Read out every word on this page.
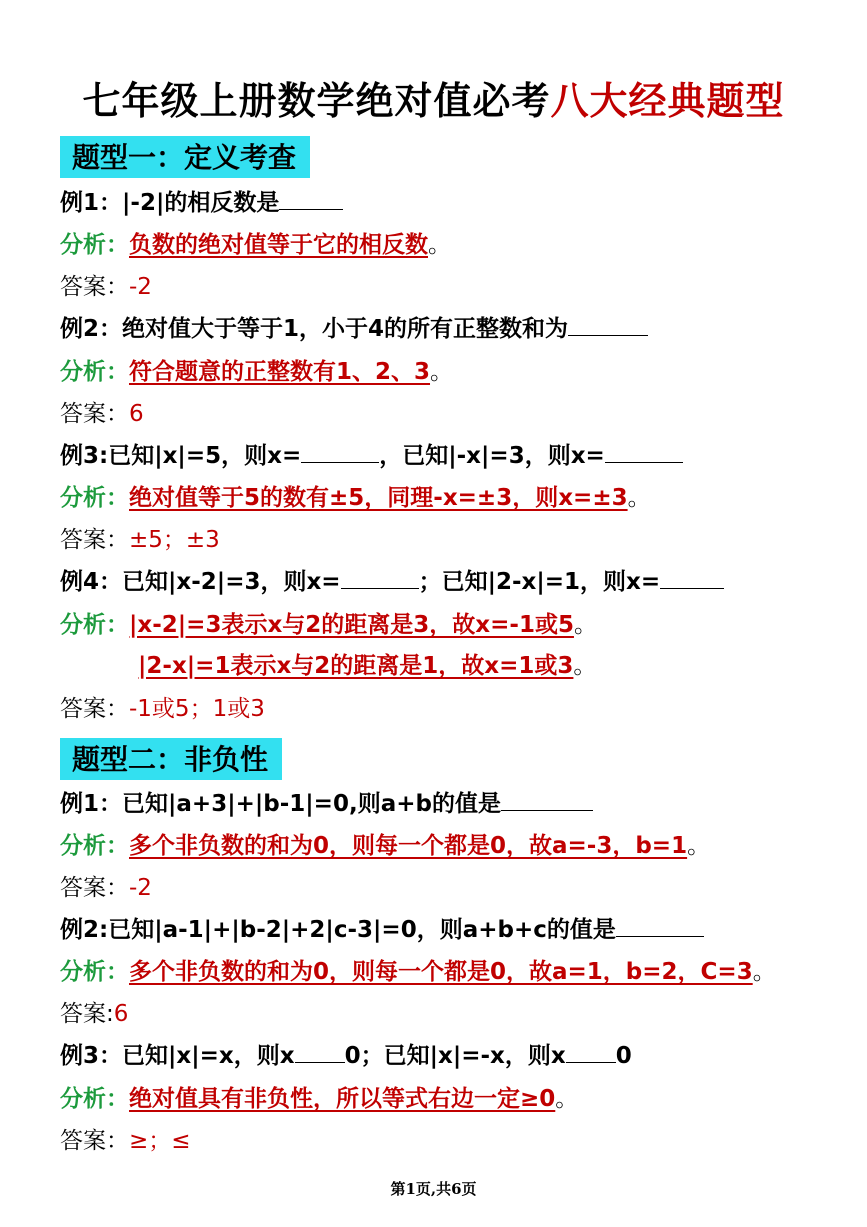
七年级上册数学绝对值必考八大经典题型
题型一：定义考查
例1：|-2|的相反数是
分析：负数的绝对值等于它的相反数。
答案：-2
例2：绝对值大于等于1，小于4的所有正整数和为
分析：符合题意的正整数有1、2、3。
答案：6
例3:已知|x|=5，则x=	，已知|-x|=3，则x=
分析：绝对值等于5的数有±5，同理-x=±3，则x=±3。
答案：±5；±3
例4：已知|x-2|=3，则x=	；已知|2-x|=1，则x=
分析：|x-2|=3表示x与2的距离是3，故x=-1或5。
|2-x|=1表示x与2的距离是1，故x=1或3。
答案：-1或5；1或3
题型二：非负性
例1：已知|a+3|+|b-1|=0,则a+b的值是
分析：多个非负数的和为0，则每一个都是0，故a=-3，b=1。
答案：-2
例2:已知|a-1|+|b-2|+2|c-3|=0，则a+b+c的值是
分析：多个非负数的和为0，则每一个都是0，故a=1，b=2，C=3。
答案:6
例3：已知|x|=x，则x 0；已知|x|=-x，则x 0
分析：绝对值具有非负性，所以等式右边一定≥0。
答案：≥；≤
第1页,共6页
